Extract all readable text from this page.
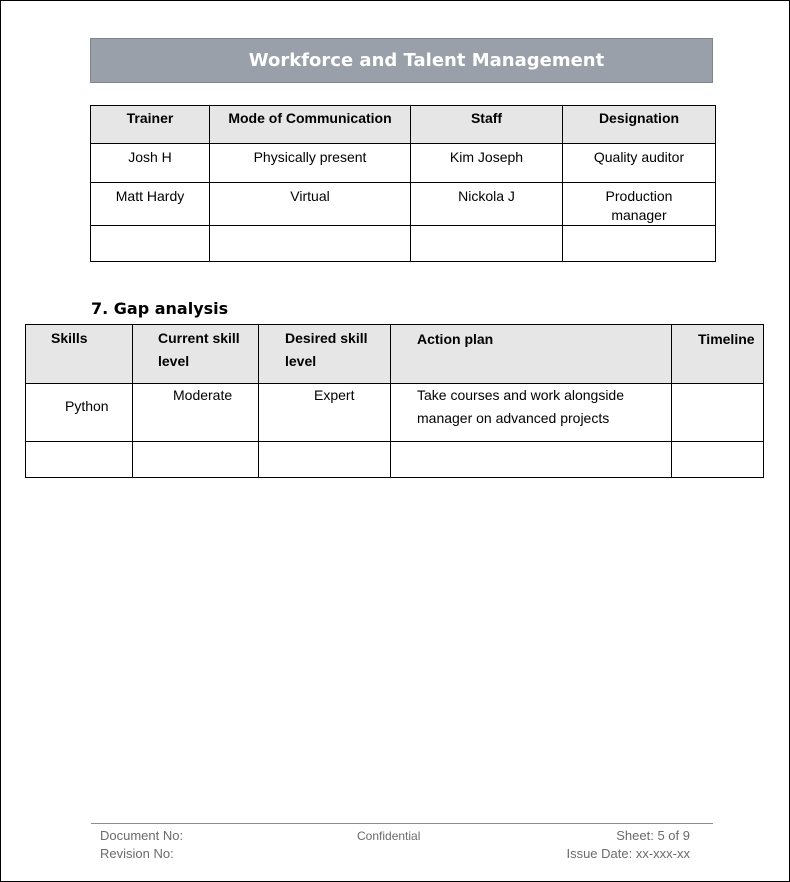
Workforce and Talent Management
Trainer	Mode of Communication	Staff	Designation
Josh H	Physically present	Kim Joseph	Quality auditor
Matt Hardy	Virtual	Nickola J	Production manager

7. Gap analysis
Skills	Current skill level	Desired skill level	Action plan	Timeline
Python	Moderate	Expert	Take courses and work alongside manager on advanced projects	

Document No:
Revision No:
Confidential	Sheet: 5 of 9
Issue Date: xx-xxx-xx
